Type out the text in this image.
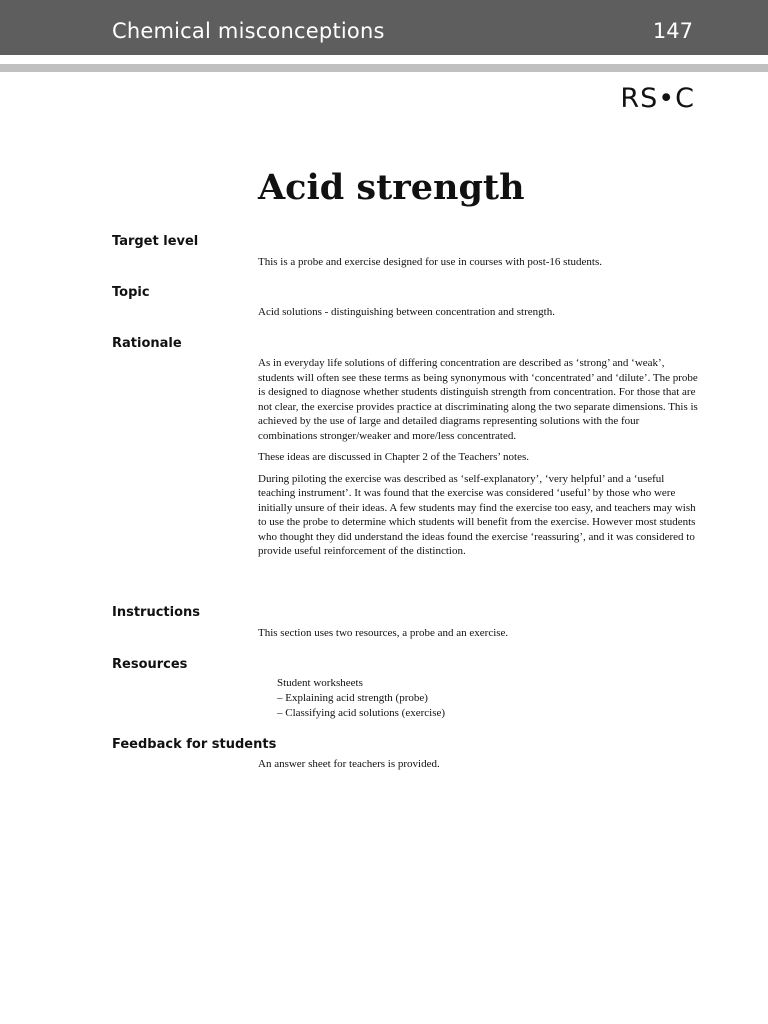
Chemical misconceptions	147
RS•C
Acid strength
Target level

This is a probe and exercise designed for use in courses with post-16 students.

Topic

Acid solutions - distinguishing between concentration and strength.

Rationale

As in everyday life solutions of differing concentration are described as ‘strong’ and ‘weak’, students will often see these terms as being synonymous with ‘concentrated’ and ‘dilute’. The probe is designed to diagnose whether students distinguish strength from concentration. For those that are not clear, the exercise provides practice at discriminating along the two separate dimensions. This is achieved by the use of large and detailed diagrams representing solutions with the four combinations stronger/weaker and more/less concentrated.

These ideas are discussed in Chapter 2 of the Teachers’ notes.

During piloting the exercise was described as ‘self-explanatory’, ‘very helpful’ and a ‘useful teaching instrument’. It was found that the exercise was considered ‘useful’ by those who were initially unsure of their ideas. A few students may find the exercise too easy, and teachers may wish to use the probe to determine which students will benefit from the exercise. However most students who thought they did understand the ideas found the exercise ‘reassuring’, and it was considered to provide useful reinforcement of the distinction.

Instructions

This section uses two resources, a probe and an exercise.

Resources
Student worksheets
– Explaining acid strength (probe)
– Classifying acid solutions (exercise)
Feedback for students

An answer sheet for teachers is provided.
